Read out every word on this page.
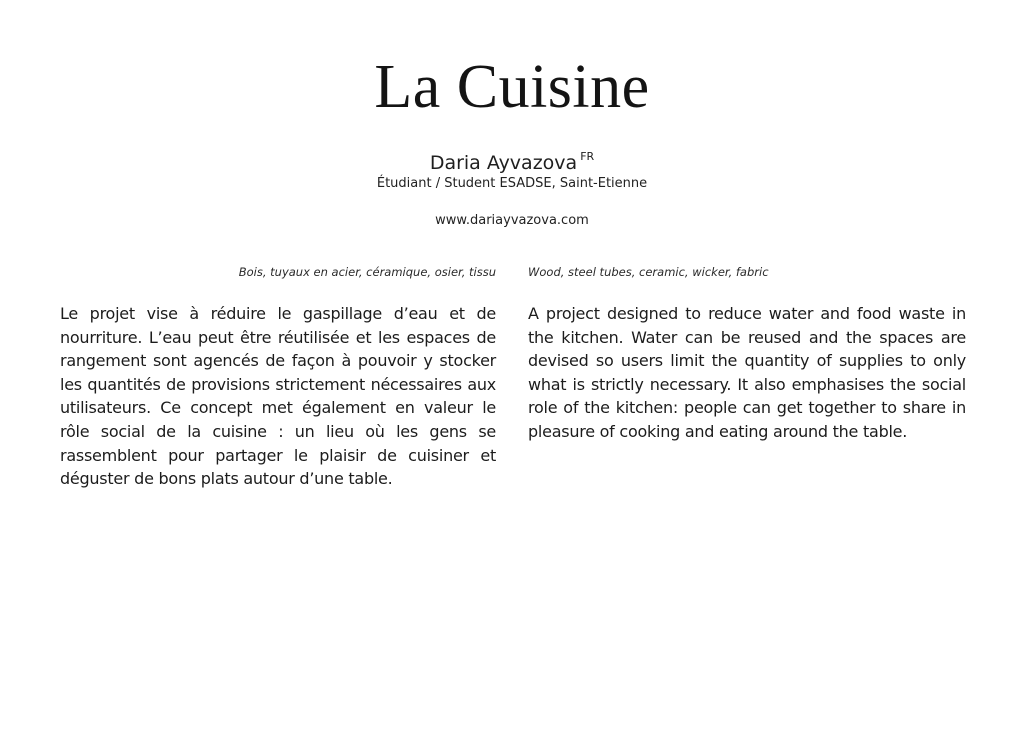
La Cuisine
Daria Ayvazova $^{FR}$
Étudiant / Student ESADSE, Saint-Etienne
www.dariayvazova.com
Bois, tuyaux en acier, céramique, osier, tissu	Wood, steel tubes, ceramic, wicker, fabric
Le projet vise à réduire le gaspillage d’eau et de nourriture. L’eau peut être réutilisée et les espaces de rangement sont agencés de façon à pouvoir y stocker les quantités de provisions strictement nécessaires aux utilisateurs. Ce concept met également en valeur le rôle social de la cuisine : un lieu où les gens se rassemblent pour partager le plaisir de cuisiner et déguster de bons plats autour d’une table.
A project designed to reduce water and food waste in the kitchen. Water can be reused and the spaces are devised so users limit the quantity of supplies to only what is strictly necessary. It also emphasises the social role of the kitchen: people can get together to share in pleasure of cooking and eating around the table.
